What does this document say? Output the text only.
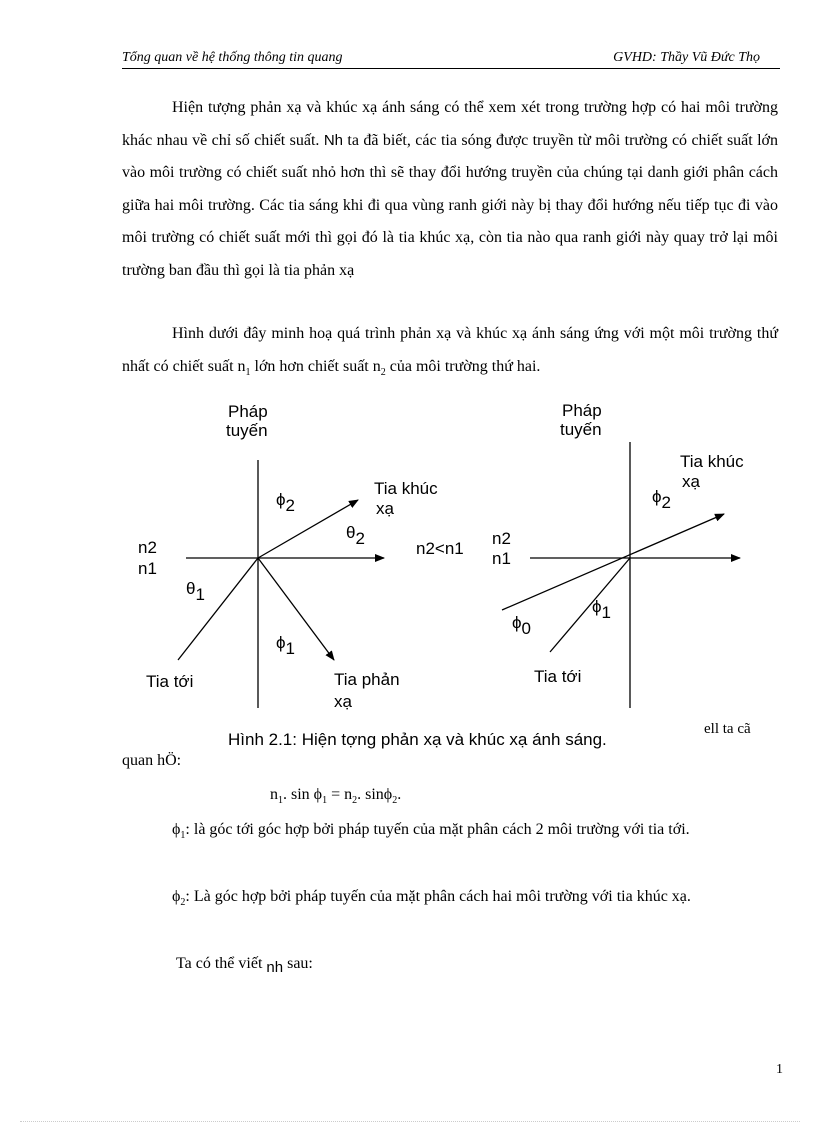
Tổng quan về hệ thống thông tin quang	GVHD: Thầy Vũ Đức Thọ

Hiện tượng phản xạ và khúc xạ ánh sáng có thể xem xét trong trường hợp có hai môi trường khác nhau về chỉ số chiết suất. Nh ta đã biết, các tia sóng được truyền từ môi trường có chiết suất lớn vào môi trường có chiết suất nhỏ hơn thì sẽ thay đổi hướng truyền của chúng tại danh giới phân cách giữa hai môi trường. Các tia sáng khi đi qua vùng ranh giới này bị thay đổi hướng nếu tiếp tục đi vào môi trường có chiết suất mới thì gọi đó là tia khúc xạ, còn tia nào qua ranh giới này quay trở lại môi trường ban đầu thì gọi là tia phản xạ

Hình dưới đây minh hoạ quá trình phản xạ và khúc xạ ánh sáng ứng với một môi trường thứ nhất có chiết suất $n_1$ lớn hơn chiết suất $n_2$ của môi trường thứ hai.

Pháp
tuyến
Tia khúc
xạ
Tia phản
xạ
Tia tới
n2
n1
n2<n1
ϕ2
θ2
θ1
ϕ1
Pháp
tuyến
Tia khúc
xạ
Tia tới
n2
n1
ϕ2
ϕ1
ϕ0
Hình 2.1: Hiện tợng phản xạ và khúc xạ ánh sáng.
ell ta cã
quan hÖ:
$n_1$. $\sin \phi_1 = n_2$. sinϕ$_2$.

$\phi_1$: là góc tới góc hợp bởi pháp tuyến của mặt phân cách 2 môi trường với tia tới.

$\phi_2$: Là góc hợp bởi pháp tuyến của mặt phân cách hai môi trường với tia khúc xạ.

Ta có thể viết nh sau:
1
